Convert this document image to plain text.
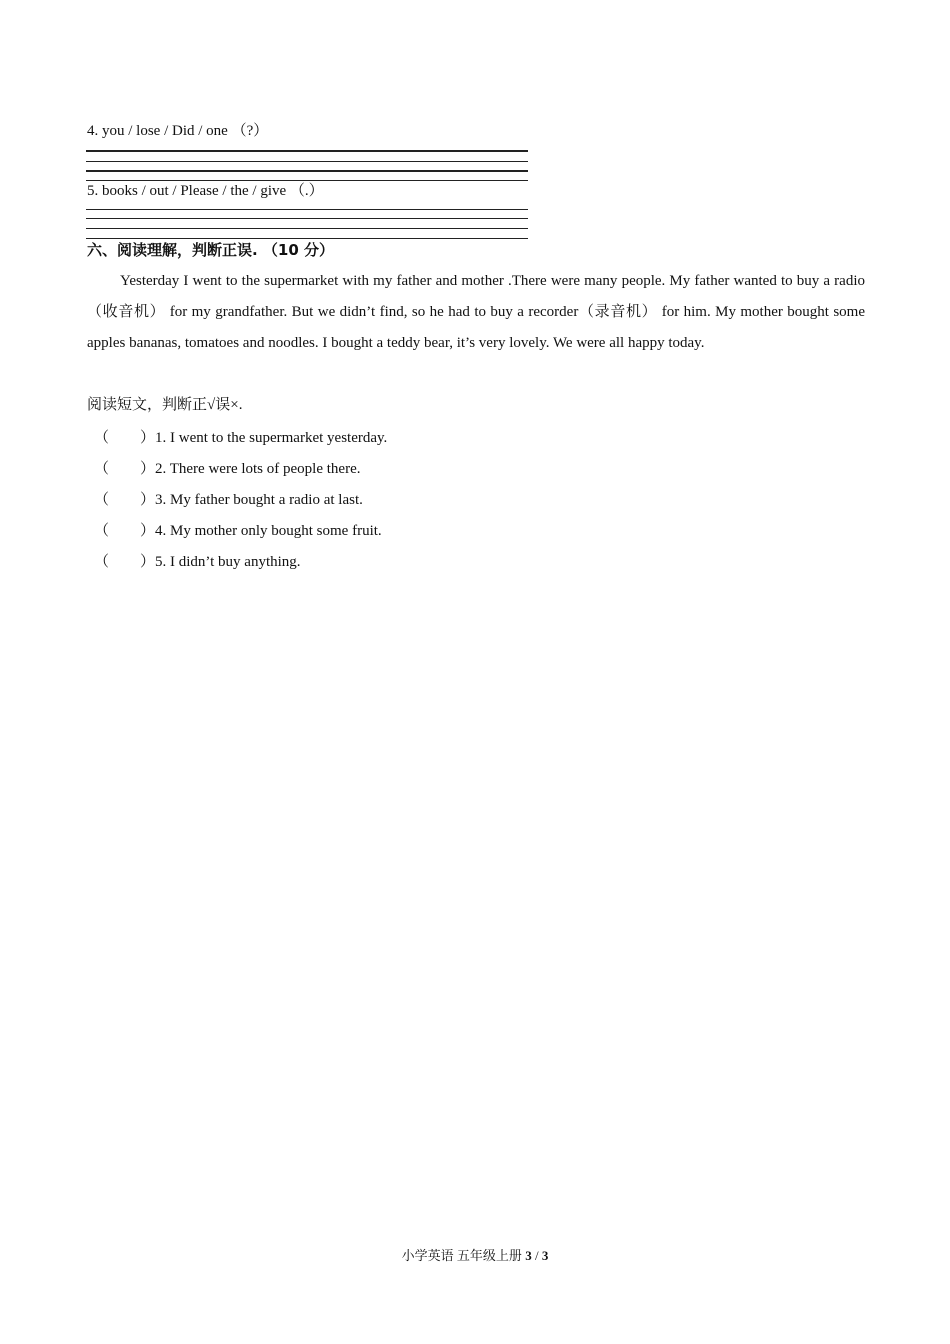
4. you / lose / Did / one （?）
5. books / out / Please / the / give （.）
六、阅读理解，判断正误. （10 分）
Yesterday I went to the supermarket with my father and mother .There were many people. My father wanted to buy a radio（收音机） for my grandfather. But we didn’t find, so he had to buy a recorder（录音机） for him. My mother bought some apples bananas, tomatoes and noodles. I bought a teddy bear, it’s very lovely. We were all happy today.
阅读短文，判断正√误×.
（ ）1. I went to the supermarket yesterday.
（ ）2. There were lots of people there.
（ ）3. My father bought a radio at last.
（ ）4. My mother only bought some fruit.
（ ）5. I didn’t buy anything.
小学英语 五年级上册 3 / 3
